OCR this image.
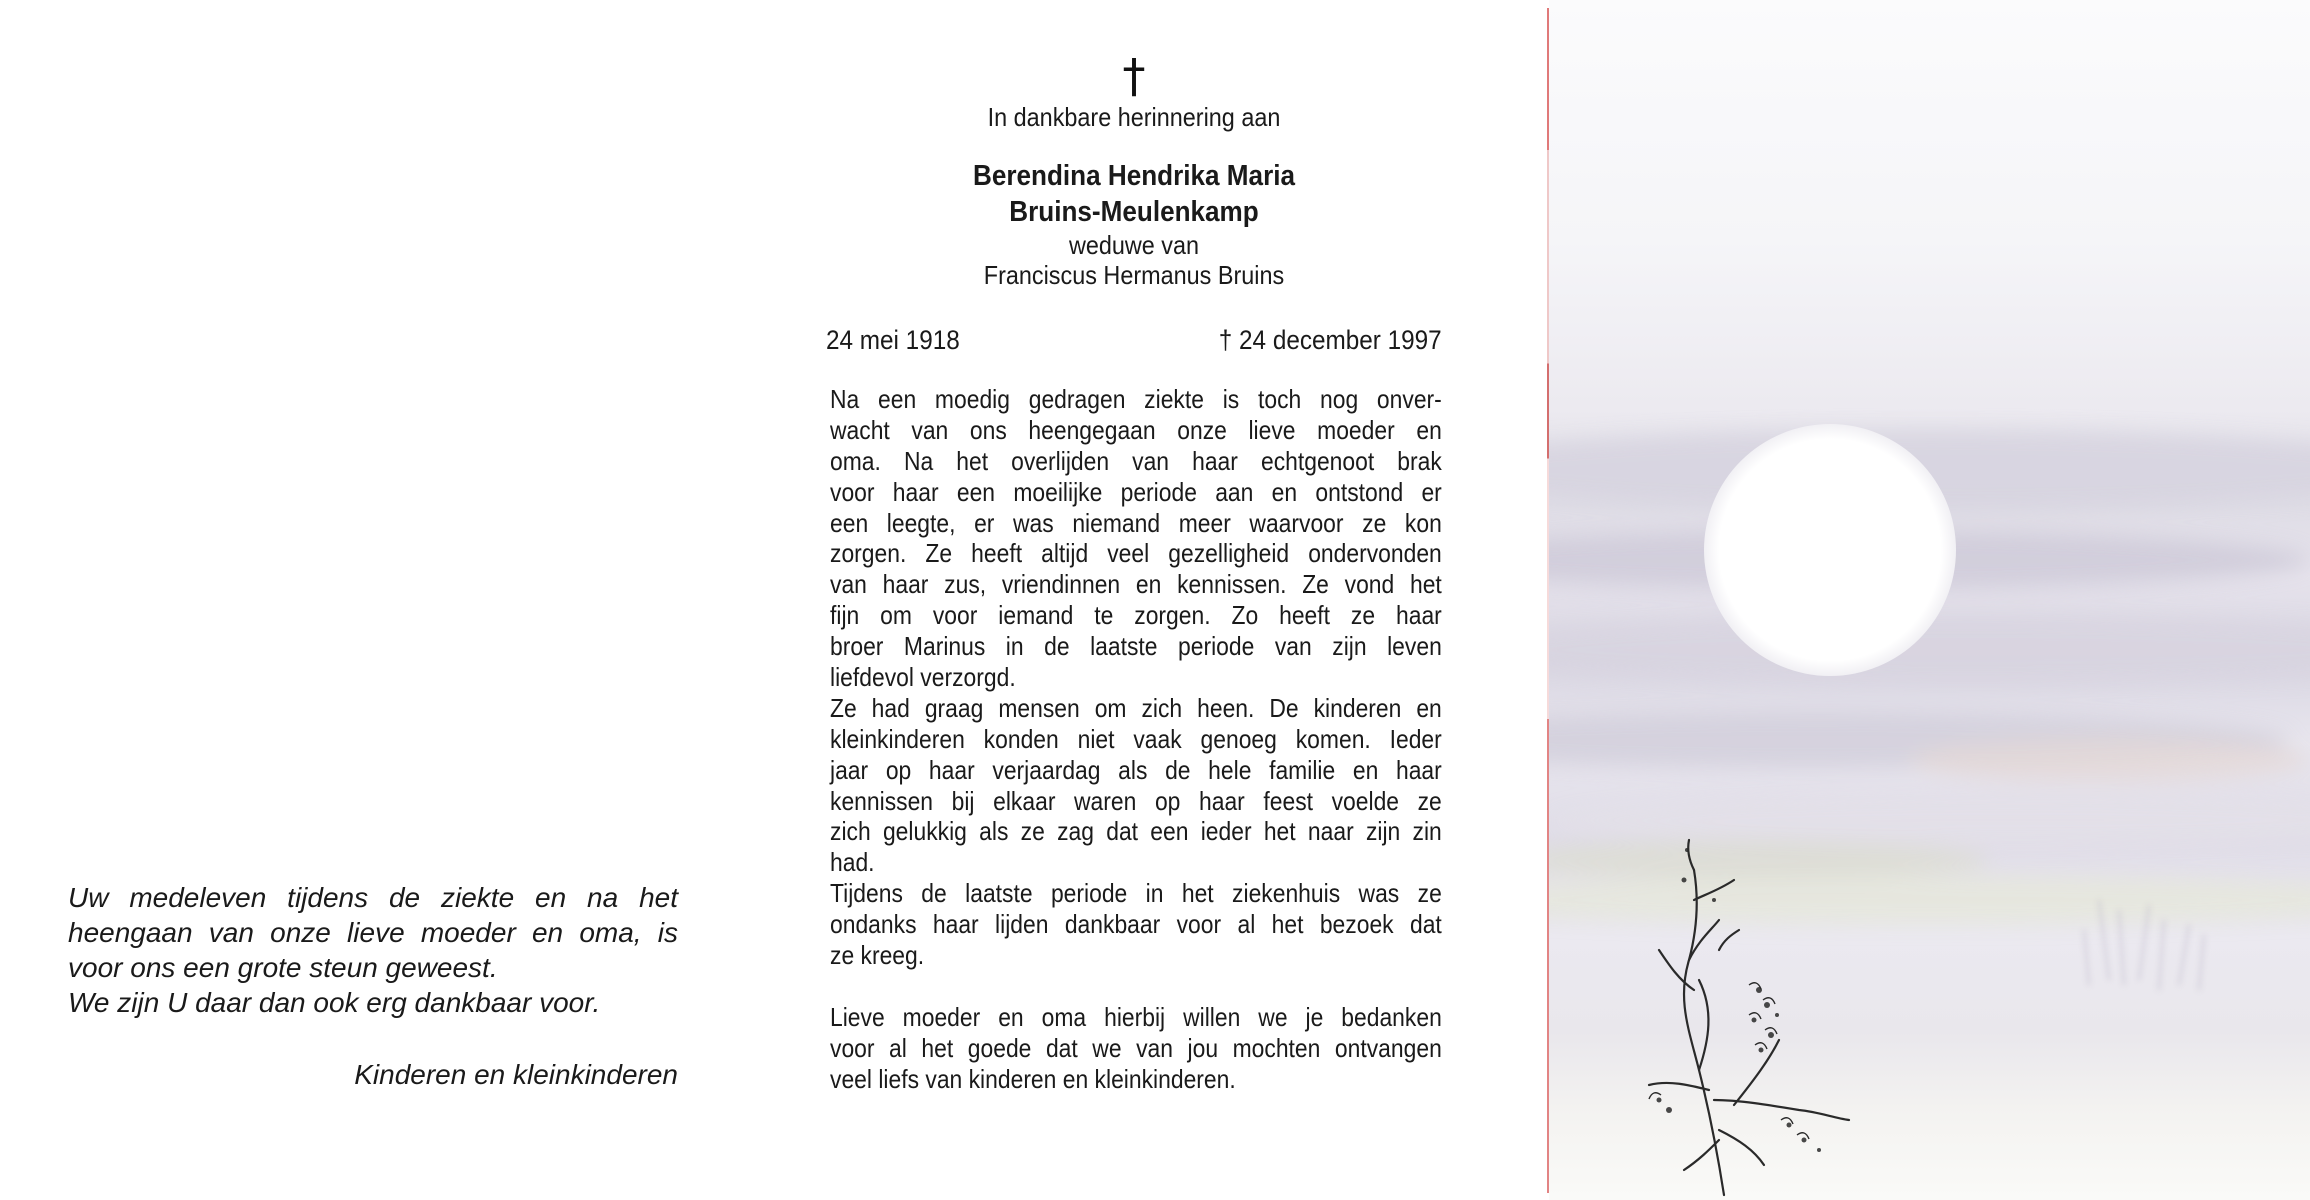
Uw medeleven tijdens de ziekte en na het
heengaan van onze lieve moeder en oma, is
voor ons een grote steun geweest.
We zijn U daar dan ook erg dankbaar voor.
Kinderen en kleinkinderen
†
In dankbare herinnering aan
Berendina Hendrika Maria
Bruins-Meulenkamp
weduwe van
Franciscus Hermanus Bruins
24 mei 1918	† 24 december 1997
Na een moedig gedragen ziekte is toch nog onver-
wacht van ons heengegaan onze lieve moeder en
oma. Na het overlijden van haar echtgenoot brak
voor haar een moeilijke periode aan en ontstond er
een leegte, er was niemand meer waarvoor ze kon
zorgen. Ze heeft altijd veel gezelligheid ondervonden
van haar zus, vriendinnen en kennissen. Ze vond het
fijn om voor iemand te zorgen. Zo heeft ze haar
broer Marinus in de laatste periode van zijn leven
liefdevol verzorgd.
Ze had graag mensen om zich heen. De kinderen en
kleinkinderen konden niet vaak genoeg komen. Ieder
jaar op haar verjaardag als de hele familie en haar
kennissen bij elkaar waren op haar feest voelde ze
zich gelukkig als ze zag dat een ieder het naar zijn zin
had.
Tijdens de laatste periode in het ziekenhuis was ze
ondanks haar lijden dankbaar voor al het bezoek dat
ze kreeg.
Lieve moeder en oma hierbij willen we je bedanken
voor al het goede dat we van jou mochten ontvangen
veel liefs van kinderen en kleinkinderen.
